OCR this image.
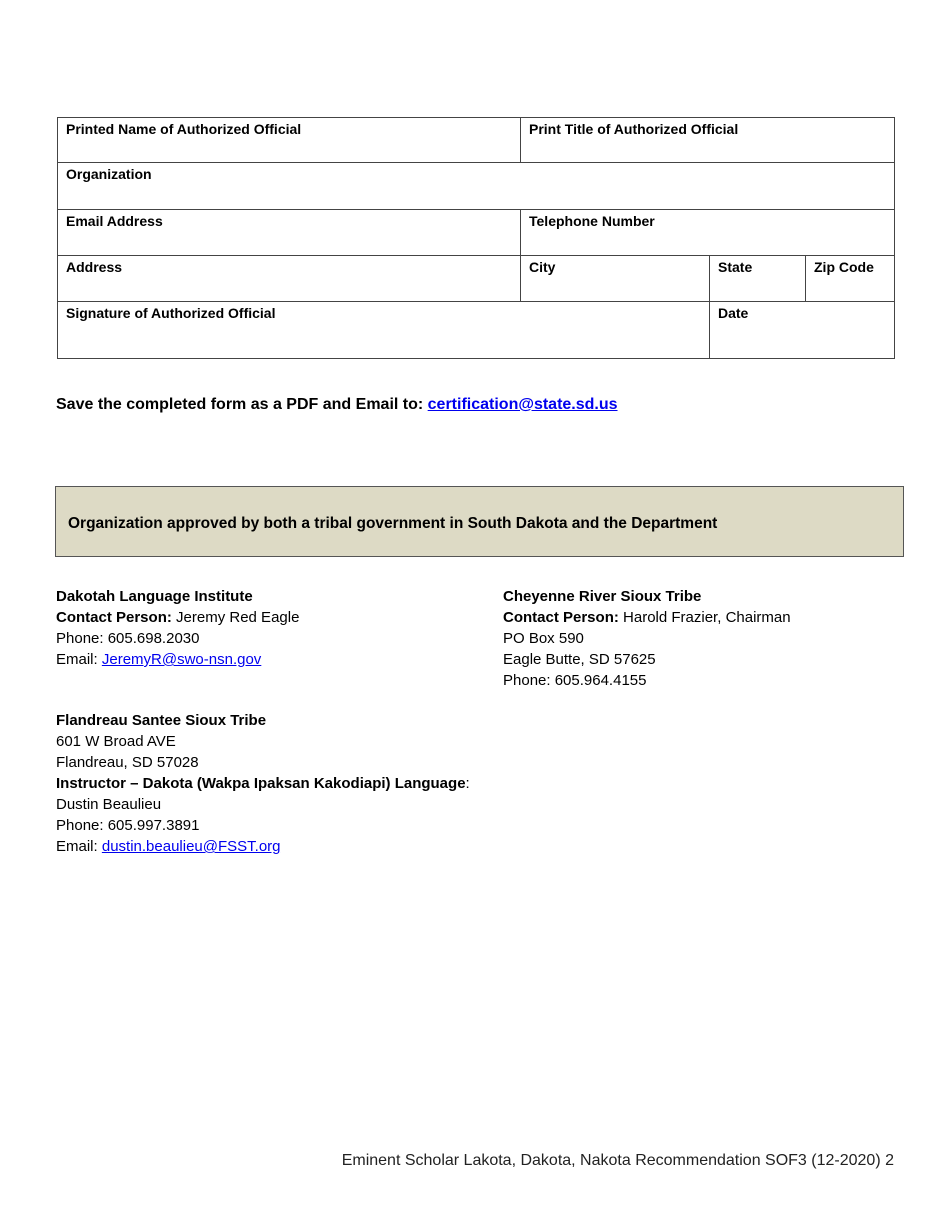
Printed Name of Authorized Official	Print Title of Authorized Official		
Organization			
Email Address	Telephone Number		
Address	City	State	Zip Code
Signature of Authorized Official		Date	
Save the completed form as a PDF and Email to: certification@state.sd.us
Organization approved by both a tribal government in South Dakota and the Department
Dakotah Language Institute
Contact Person: Jeremy Red Eagle
Phone: 605.698.2030
Email: JeremyR@swo-nsn.gov
Cheyenne River Sioux Tribe
Contact Person: Harold Frazier, Chairman
PO Box 590
Eagle Butte, SD 57625
Phone: 605.964.4155
Flandreau Santee Sioux Tribe
601 W Broad AVE
Flandreau, SD 57028
Instructor – Dakota (Wakpa Ipaksan Kakodiapi) Language:
Dustin Beaulieu
Phone: 605.997.3891
Email: dustin.beaulieu@FSST.org
Eminent Scholar Lakota, Dakota, Nakota Recommendation SOF3 (12-2020) 2
